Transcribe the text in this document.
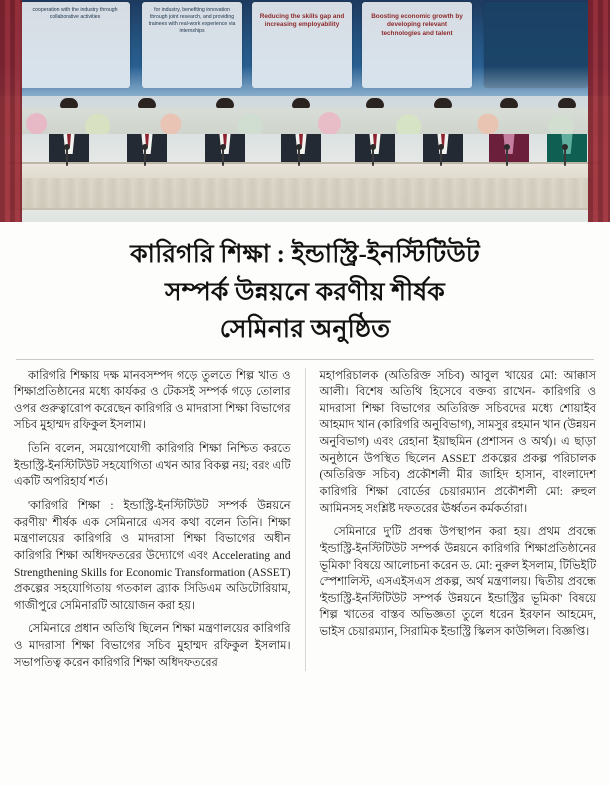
cooperation with the industry through collaborative activities
for industry, benefiting innovation through joint research, and providing trainees with real-work experience via internships
Reducing the skills gap and increasing employability
Boosting economic growth by developing relevant technologies and talent
কারিগরি শিক্ষা : ইন্ডাস্ট্রি-ইনস্টিটিউট
সম্পর্ক উন্নয়নে করণীয় শীর্ষক
সেমিনার অনুষ্ঠিত

কারিগরি শিক্ষায় দক্ষ মানবসম্পদ গড়ে তুলতে শিল্প খাত ও শিক্ষাপ্রতিষ্ঠানের মধ্যে কার্যকর ও টেকসই সম্পর্ক গড়ে তোলার ওপর গুরুত্বারোপ করেছেন কারিগরি ও মাদরাসা শিক্ষা বিভাগের সচিব মুহাম্মদ রফিকুল ইসলাম।

তিনি বলেন, সময়োপযোগী কারিগরি শিক্ষা নিশ্চিত করতে ইন্ডাস্ট্রি-ইনস্টিটিউট সহযোগিতা এখন আর বিকল্প নয়; বরং এটি একটি অপরিহার্য শর্ত।

'কারিগরি শিক্ষা : ইন্ডাস্ট্রি-ইনস্টিটিউট সম্পর্ক উন্নয়নে করণীয়' শীর্ষক এক সেমিনারে এসব কথা বলেন তিনি। শিক্ষা মন্ত্রণালয়ের কারিগরি ও মাদরাসা শিক্ষা বিভাগের অধীন কারিগরি শিক্ষা অধিদফতরের উদ্যোগে এবং Accelerating and Strengthening Skills for Economic Transformation (ASSET) প্রকল্পের সহযোগিতায় গতকাল ব্র্যাক সিডিএম অডিটোরিয়াম, গাজীপুরে সেমিনারটি আয়োজন করা হয়।

সেমিনারে প্রধান অতিথি ছিলেন শিক্ষা মন্ত্রণালয়ের কারিগরি ও মাদরাসা শিক্ষা বিভাগের সচিব মুহাম্মদ রফিকুল ইসলাম। সভাপতিত্ব করেন কারিগরি শিক্ষা অধিদফতরের

মহাপরিচালক (অতিরিক্ত সচিব) আবুল খায়ের মো: আক্কাস আলী। বিশেষ অতিথি হিসেবে বক্তব্য রাখেন- কারিগরি ও মাদরাসা শিক্ষা বিভাগের অতিরিক্ত সচিবদের মধ্যে শোয়াইব আহমাদ খান (কারিগরি অনুবিভাগ), সামসুর রহমান খান (উন্নয়ন অনুবিভাগ) এবং রেহানা ইয়াছমিন (প্রশাসন ও অর্থ)। এ ছাড়া অনুষ্ঠানে উপস্থিত ছিলেন ASSET প্রকল্পের প্রকল্প পরিচালক (অতিরিক্ত সচিব) প্রকৌশলী মীর জাহিদ হাসান, বাংলাদেশ কারিগরি শিক্ষা বোর্ডের চেয়ারম্যান প্রকৌশলী মো: রুহুল আমিনসহ সংশ্লিষ্ট দফতরের ঊর্ধ্বতন কর্মকর্তারা।

সেমিনারে দু'টি প্রবন্ধ উপস্থাপন করা হয়। প্রথম প্রবন্ধে 'ইন্ডাস্ট্রি-ইনস্টিটিউট সম্পর্ক উন্নয়নে কারিগরি শিক্ষাপ্রতিষ্ঠানের ভূমিকা' বিষয়ে আলোচনা করেন ড. মো: নুরুল ইসলাম, টিভিইটি স্পেশালিস্ট, এসএইসএস প্রকল্প, অর্থ মন্ত্রণালয়। দ্বিতীয় প্রবন্ধে 'ইন্ডাস্ট্রি-ইনস্টিটিউট সম্পর্ক উন্নয়নে ইন্ডাস্ট্রির ভূমিকা' বিষয়ে শিল্প খাতের বাস্তব অভিজ্ঞতা তুলে ধরেন ইরফান আহমেদ, ভাইস চেয়ারম্যান, সিরামিক ইন্ডাস্ট্রি স্কিলস কাউন্সিল। বিজ্ঞপ্তি।
